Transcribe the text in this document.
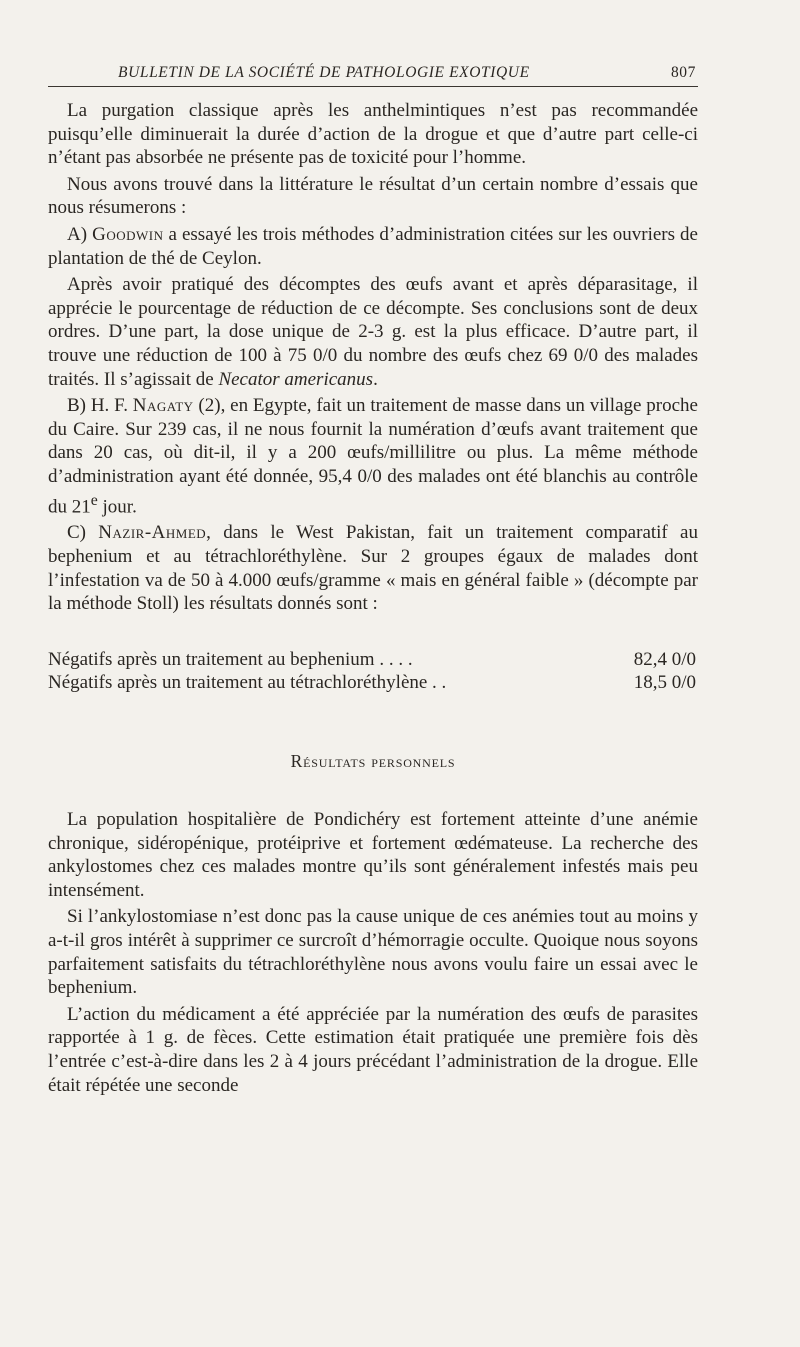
BULLETIN DE LA SOCIÉTÉ DE PATHOLOGIE EXOTIQUE	807

La purgation classique après les anthelmintiques n’est pas recommandée puisqu’elle diminuerait la durée d’action de la drogue et que d’autre part celle-ci n’étant pas absorbée ne présente pas de toxicité pour l’homme.

Nous avons trouvé dans la littérature le résultat d’un certain nombre d’essais que nous résumerons :

A) Goodwin a essayé les trois méthodes d’administration citées sur les ouvriers de plantation de thé de Ceylon.

Après avoir pratiqué des décomptes des œufs avant et après déparasitage, il apprécie le pourcentage de réduction de ce décompte. Ses conclusions sont de deux ordres. D’une part, la dose unique de 2-3 g. est la plus efficace. D’autre part, il trouve une réduction de 100 à 75 0/0 du nombre des œufs chez 69 0/0 des malades traités. Il s’agissait de Necator americanus.

B) H. F. Nagaty (2), en Egypte, fait un traitement de masse dans un village proche du Caire. Sur 239 cas, il ne nous fournit la numération d’œufs avant traitement que dans 20 cas, où dit-il, il y a 200 œufs/millilitre ou plus. La même méthode d’administration ayant été donnée, 95,4 0/0 des malades ont été blanchis au contrôle du 21e jour.

C) Nazir-Ahmed, dans le West Pakistan, fait un traitement comparatif au bephenium et au tétrachloréthylène. Sur 2 groupes égaux de malades dont l’infestation va de 50 à 4.000 œufs/gramme « mais en général faible » (décompte par la méthode Stoll) les résultats donnés sont :

Négatifs après un traitement au bephenium . . . .	82,4 0/0
Négatifs après un traitement au tétrachloréthylène . .	18,5 0/0
Résultats personnels

La population hospitalière de Pondichéry est fortement atteinte d’une anémie chronique, sidéropénique, protéiprive et fortement œdémateuse. La recherche des ankylostomes chez ces malades montre qu’ils sont généralement infestés mais peu intensément.

Si l’ankylostomiase n’est donc pas la cause unique de ces anémies tout au moins y a-t-il gros intérêt à supprimer ce surcroît d’hémorragie occulte. Quoique nous soyons parfaitement satisfaits du tétrachloréthylène nous avons voulu faire un essai avec le bephenium.

L’action du médicament a été appréciée par la numération des œufs de parasites rapportée à 1 g. de fèces. Cette estimation était pratiquée une première fois dès l’entrée c’est-à-dire dans les 2 à 4 jours précédant l’administration de la drogue. Elle était répétée une seconde
